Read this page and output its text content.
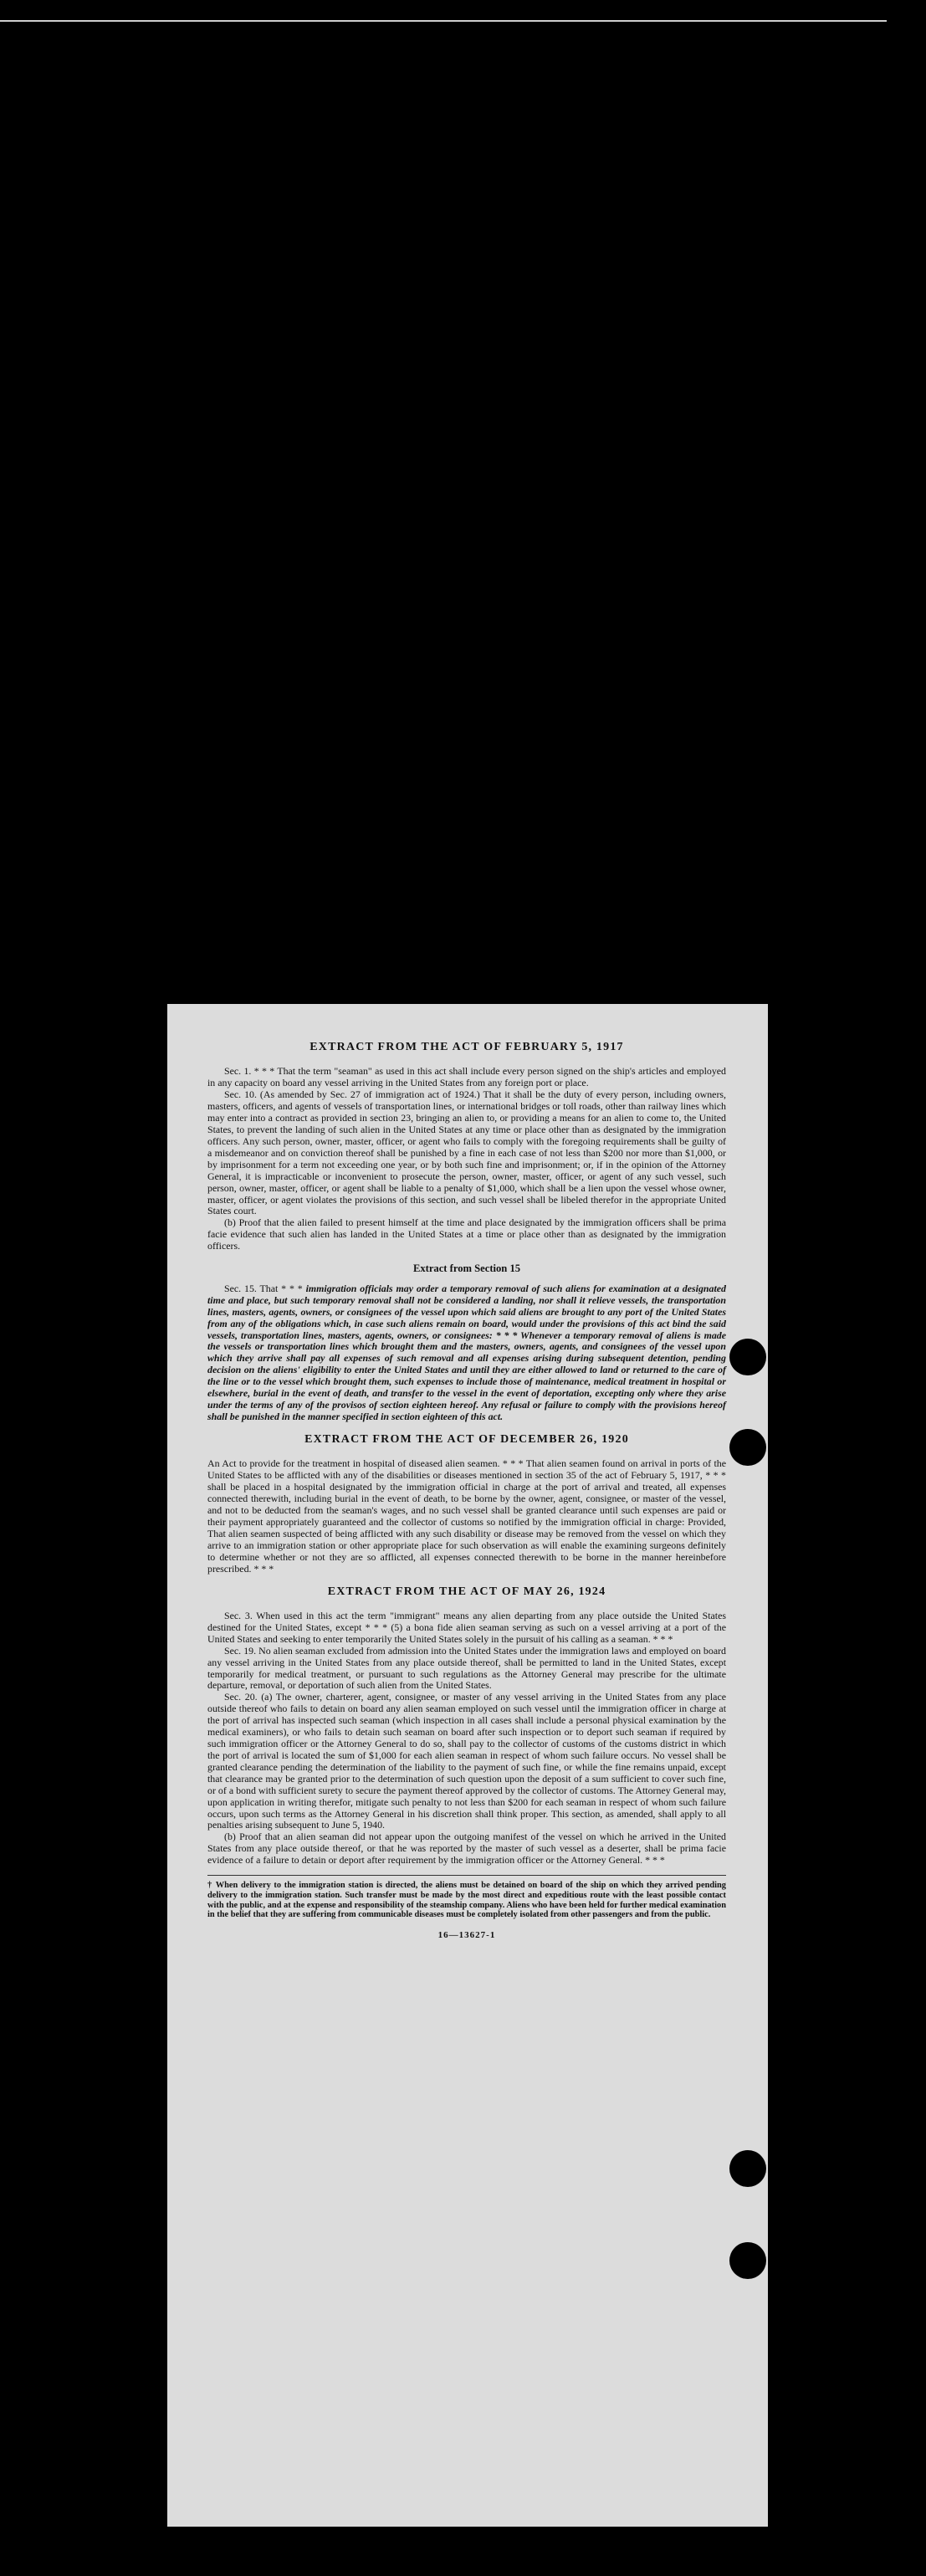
EXTRACT FROM THE ACT OF FEBRUARY 5, 1917

Sec. 1. * * * That the term "seaman" as used in this act shall include every person signed on the ship's articles and employed in any capacity on board any vessel arriving in the United States from any foreign port or place.

Sec. 10. (As amended by Sec. 27 of immigration act of 1924.) That it shall be the duty of every person, including owners, masters, officers, and agents of vessels of transportation lines, or international bridges or toll roads, other than railway lines which may enter into a contract as provided in section 23, bringing an alien to, or providing a means for an alien to come to, the United States, to prevent the landing of such alien in the United States at any time or place other than as designated by the immigration officers. Any such person, owner, master, officer, or agent who fails to comply with the foregoing requirements shall be guilty of a misdemeanor and on conviction thereof shall be punished by a fine in each case of not less than $200 nor more than $1,000, or by imprisonment for a term not exceeding one year, or by both such fine and imprisonment; or, if in the opinion of the Attorney General, it is impracticable or inconvenient to prosecute the person, owner, master, officer, or agent of any such vessel, such person, owner, master, officer, or agent shall be liable to a penalty of $1,000, which shall be a lien upon the vessel whose owner, master, officer, or agent violates the provisions of this section, and such vessel shall be libeled therefor in the appropriate United States court.

(b) Proof that the alien failed to present himself at the time and place designated by the immigration officers shall be prima facie evidence that such alien has landed in the United States at a time or place other than as designated by the immigration officers.

Extract from Section 15

Sec. 15. That * * * immigration officials may order a temporary removal of such aliens for examination at a designated time and place, but such temporary removal shall not be considered a landing, nor shall it relieve vessels, the transportation lines, masters, agents, owners, or consignees of the vessel upon which said aliens are brought to any port of the United States from any of the obligations which, in case such aliens remain on board, would under the provisions of this act bind the said vessels, transportation lines, masters, agents, owners, or consignees: * * * Whenever a temporary removal of aliens is made the vessels or transportation lines which brought them and the masters, owners, agents, and consignees of the vessel upon which they arrive shall pay all expenses of such removal and all expenses arising during subsequent detention, pending decision on the aliens' eligibility to enter the United States and until they are either allowed to land or returned to the care of the line or to the vessel which brought them, such expenses to include those of maintenance, medical treatment in hospital or elsewhere, burial in the event of death, and transfer to the vessel in the event of deportation, excepting only where they arise under the terms of any of the provisos of section eighteen hereof. Any refusal or failure to comply with the provisions hereof shall be punished in the manner specified in section eighteen of this act.

EXTRACT FROM THE ACT OF DECEMBER 26, 1920

An Act to provide for the treatment in hospital of diseased alien seamen. * * * That alien seamen found on arrival in ports of the United States to be afflicted with any of the disabilities or diseases mentioned in section 35 of the act of February 5, 1917, * * * shall be placed in a hospital designated by the immigration official in charge at the port of arrival and treated, all expenses connected therewith, including burial in the event of death, to be borne by the owner, agent, consignee, or master of the vessel, and not to be deducted from the seaman's wages, and no such vessel shall be granted clearance until such expenses are paid or their payment appropriately guaranteed and the collector of customs so notified by the immigration official in charge: Provided, That alien seamen suspected of being afflicted with any such disability or disease may be removed from the vessel on which they arrive to an immigration station or other appropriate place for such observation as will enable the examining surgeons definitely to determine whether or not they are so afflicted, all expenses connected therewith to be borne in the manner hereinbefore prescribed. * * *

EXTRACT FROM THE ACT OF MAY 26, 1924

Sec. 3. When used in this act the term "immigrant" means any alien departing from any place outside the United States destined for the United States, except * * * (5) a bona fide alien seaman serving as such on a vessel arriving at a port of the United States and seeking to enter temporarily the United States solely in the pursuit of his calling as a seaman. * * *

Sec. 19. No alien seaman excluded from admission into the United States under the immigration laws and employed on board any vessel arriving in the United States from any place outside thereof, shall be permitted to land in the United States, except temporarily for medical treatment, or pursuant to such regulations as the Attorney General may prescribe for the ultimate departure, removal, or deportation of such alien from the United States.

Sec. 20. (a) The owner, charterer, agent, consignee, or master of any vessel arriving in the United States from any place outside thereof who fails to detain on board any alien seaman employed on such vessel until the immigration officer in charge at the port of arrival has inspected such seaman (which inspection in all cases shall include a personal physical examination by the medical examiners), or who fails to detain such seaman on board after such inspection or to deport such seaman if required by such immigration officer or the Attorney General to do so, shall pay to the collector of customs of the customs district in which the port of arrival is located the sum of $1,000 for each alien seaman in respect of whom such failure occurs. No vessel shall be granted clearance pending the determination of the liability to the payment of such fine, or while the fine remains unpaid, except that clearance may be granted prior to the determination of such question upon the deposit of a sum sufficient to cover such fine, or of a bond with sufficient surety to secure the payment thereof approved by the collector of customs. The Attorney General may, upon application in writing therefor, mitigate such penalty to not less than $200 for each seaman in respect of whom such failure occurs, upon such terms as the Attorney General in his discretion shall think proper. This section, as amended, shall apply to all penalties arising subsequent to June 5, 1940.

(b) Proof that an alien seaman did not appear upon the outgoing manifest of the vessel on which he arrived in the United States from any place outside thereof, or that he was reported by the master of such vessel as a deserter, shall be prima facie evidence of a failure to detain or deport after requirement by the immigration officer or the Attorney General. * * *

† When delivery to the immigration station is directed, the aliens must be detained on board of the ship on which they arrived pending delivery to the immigration station. Such transfer must be made by the most direct and expeditious route with the least possible contact with the public, and at the expense and responsibility of the steamship company. Aliens who have been held for further medical examination in the belief that they are suffering from communicable diseases must be completely isolated from other passengers and from the public.
16—13627-1
